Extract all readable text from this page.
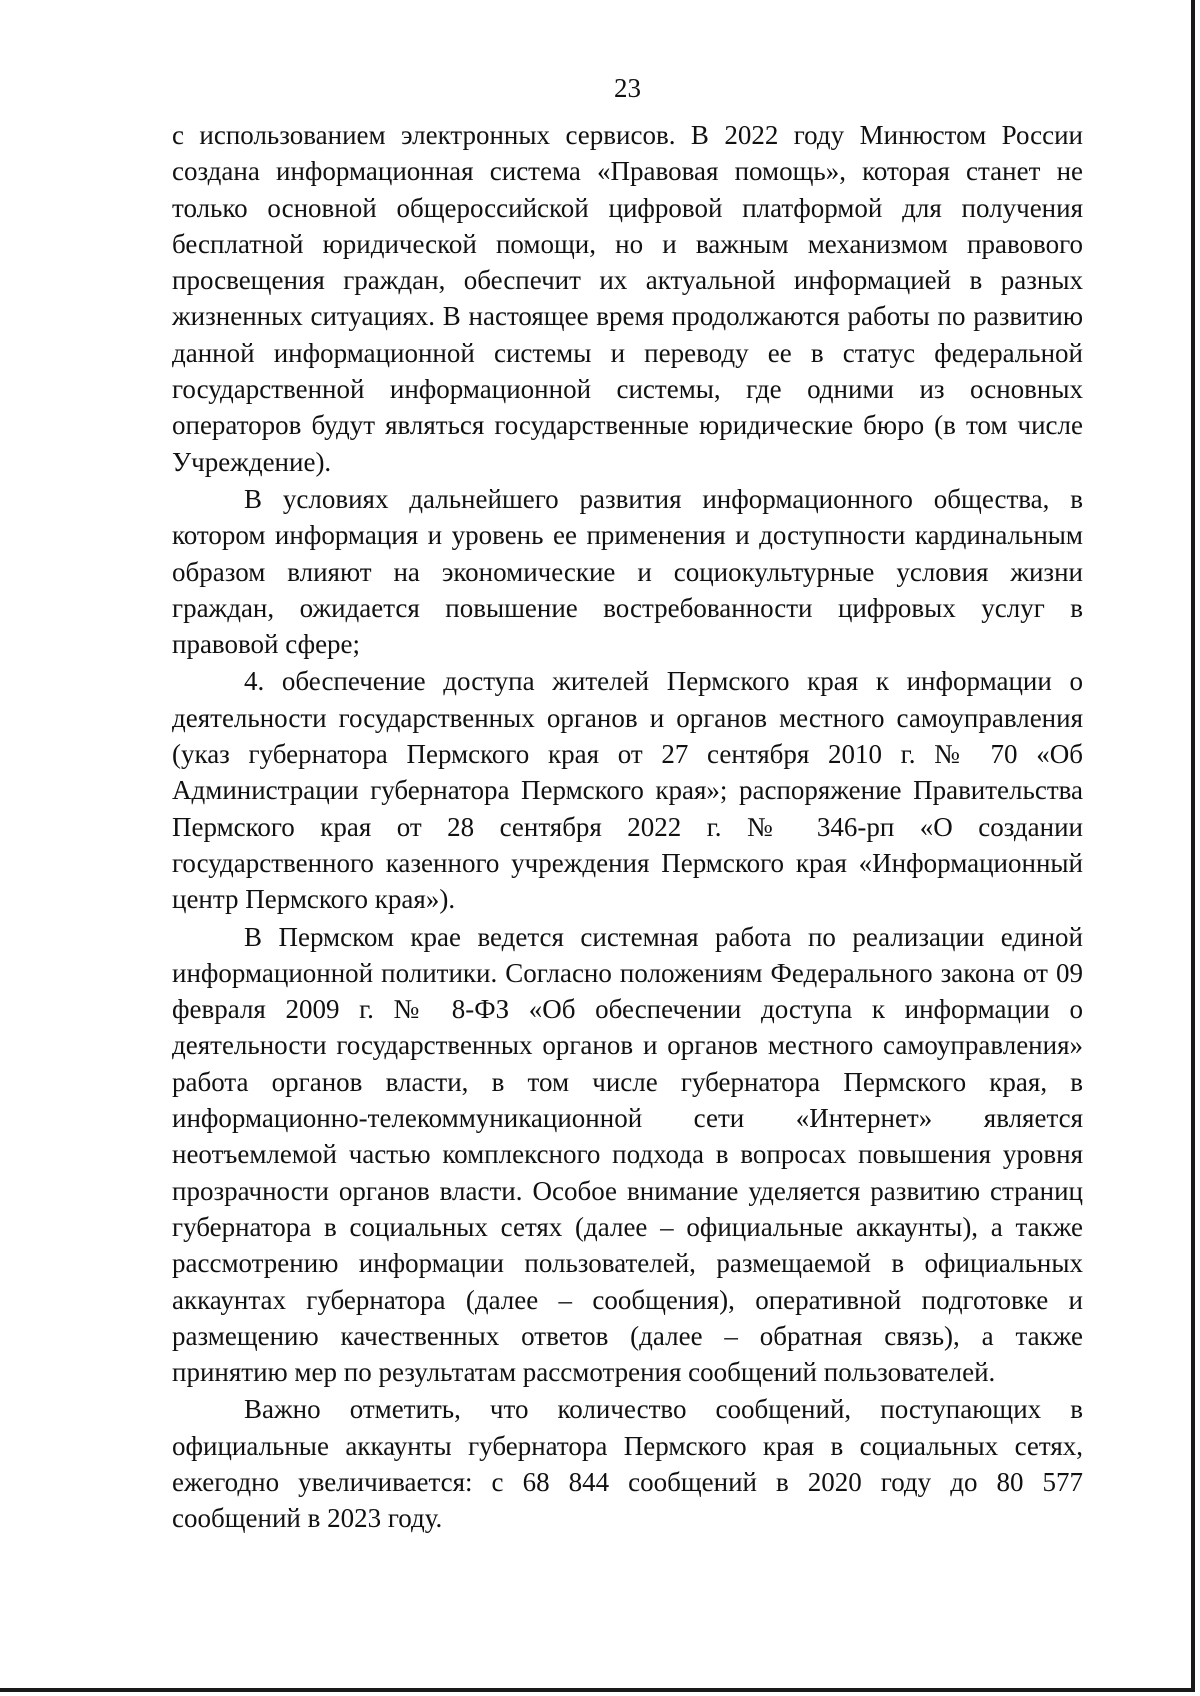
23

с использованием электронных сервисов. В 2022 году Минюстом России создана информационная система «Правовая помощь», которая станет не только основной общероссийской цифровой платформой для получения бесплатной юридической помощи, но и важным механизмом правового просвещения граждан, обеспечит их актуальной информацией в разных жизненных ситуациях. В настоящее время продолжаются работы по развитию данной информационной системы и переводу ее в статус федеральной государственной информационной системы, где одними из основных операторов будут являться государственные юридические бюро (в том числе Учреждение).

В условиях дальнейшего развития информационного общества, в котором информация и уровень ее применения и доступности кардинальным образом влияют на экономические и социокультурные условия жизни граждан, ожидается повышение востребованности цифровых услуг в правовой сфере;

4. обеспечение доступа жителей Пермского края к информации о деятельности государственных органов и органов местного самоуправления (указ губернатора Пермского края от 27 сентября 2010 г. № 70 «Об Администрации губернатора Пермского края»; распоряжение Правительства Пермского края от 28 сентября 2022 г. № 346-рп «О создании государственного казенного учреждения Пермского края «Информационный центр Пермского края»).

В Пермском крае ведется системная работа по реализации единой информационной политики. Согласно положениям Федерального закона от 09 февраля 2009 г. № 8-ФЗ «Об обеспечении доступа к информации о деятельности государственных органов и органов местного самоуправления» работа органов власти, в том числе губернатора Пермского края, в информационно-телекоммуникационной сети «Интернет» является неотъемлемой частью комплексного подхода в вопросах повышения уровня прозрачности органов власти. Особое внимание уделяется развитию страниц губернатора в социальных сетях (далее – официальные аккаунты), а также рассмотрению информации пользователей, размещаемой в официальных аккаунтах губернатора (далее – сообщения), оперативной подготовке и размещению качественных ответов (далее – обратная связь), а также принятию мер по результатам рассмотрения сообщений пользователей.

Важно отметить, что количество сообщений, поступающих в официальные аккаунты губернатора Пермского края в социальных сетях, ежегодно увеличивается: с 68 844 сообщений в 2020 году до 80 577 сообщений в 2023 году.
